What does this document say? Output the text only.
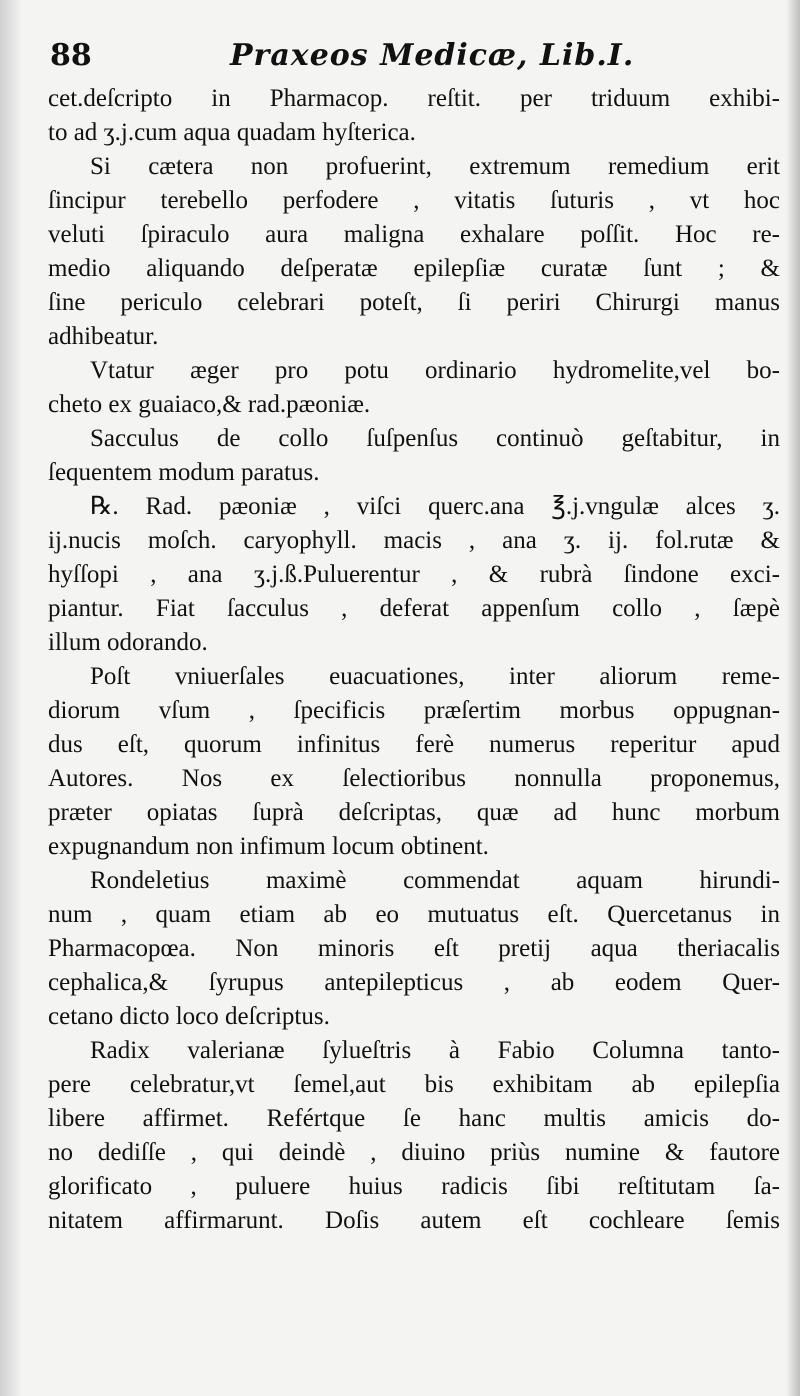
88	Praxeos Medicæ, Lib.I.
cet.deſcripto in Pharmacop. reſtit. per triduum exhibi-
to ad ʒ.j.cum aqua quadam hyſterica.
Si cætera non profuerint, extremum remedium erit
ſincipur terebello perfodere , vitatis ſuturis , vt hoc
veluti ſpiraculo aura maligna exhalare poſſit. Hoc re-
medio aliquando deſperatæ epilepſiæ curatæ ſunt ; &
ſine periculo celebrari poteſt, ſi periri Chirurgi manus
adhibeatur.
Vtatur æger pro potu ordinario hydromelite,vel bo-
cheto ex guaiaco,& rad.pæoniæ.
Sacculus de collo ſuſpenſus continuò geſtabitur, in
ſequentem modum paratus.
℞. Rad. pæoniæ , viſci querc.ana ℥.j.vngulæ alces ʒ.
ij.nucis moſch. caryophyll. macis , ana ʒ. ij. fol.rutæ &
hyſſopi , ana ʒ.j.ß.Puluerentur , & rubrà ſindone exci-
piantur. Fiat ſacculus , deferat appenſum collo , ſæpè
illum odorando.
Poſt vniuerſales euacuationes, inter aliorum reme-
diorum vſum , ſpecificis præſertim morbus oppugnan-
dus eſt, quorum infinitus ferè numerus reperitur apud
Autores. Nos ex ſelectioribus nonnulla proponemus,
præter opiatas ſuprà deſcriptas, quæ ad hunc morbum
expugnandum non infimum locum obtinent.
Rondeletius maximè commendat aquam hirundi-
num , quam etiam ab eo mutuatus eſt. Quercetanus in
Pharmacopœa. Non minoris eſt pretij aqua theriacalis
cephalica,& ſyrupus antepilepticus , ab eodem Quer-
cetano dicto loco deſcriptus.
Radix valerianæ ſylueſtris à Fabio Columna tanto-
pere celebratur,vt ſemel,aut bis exhibitam ab epilepſia
libere affirmet. Refértque ſe hanc multis amicis do-
no dediſſe , qui deindè , diuino priùs numine & fautore
glorificato , puluere huius radicis ſibi reſtitutam ſa-
nitatem affirmarunt. Doſis autem eſt cochleare ſemis
